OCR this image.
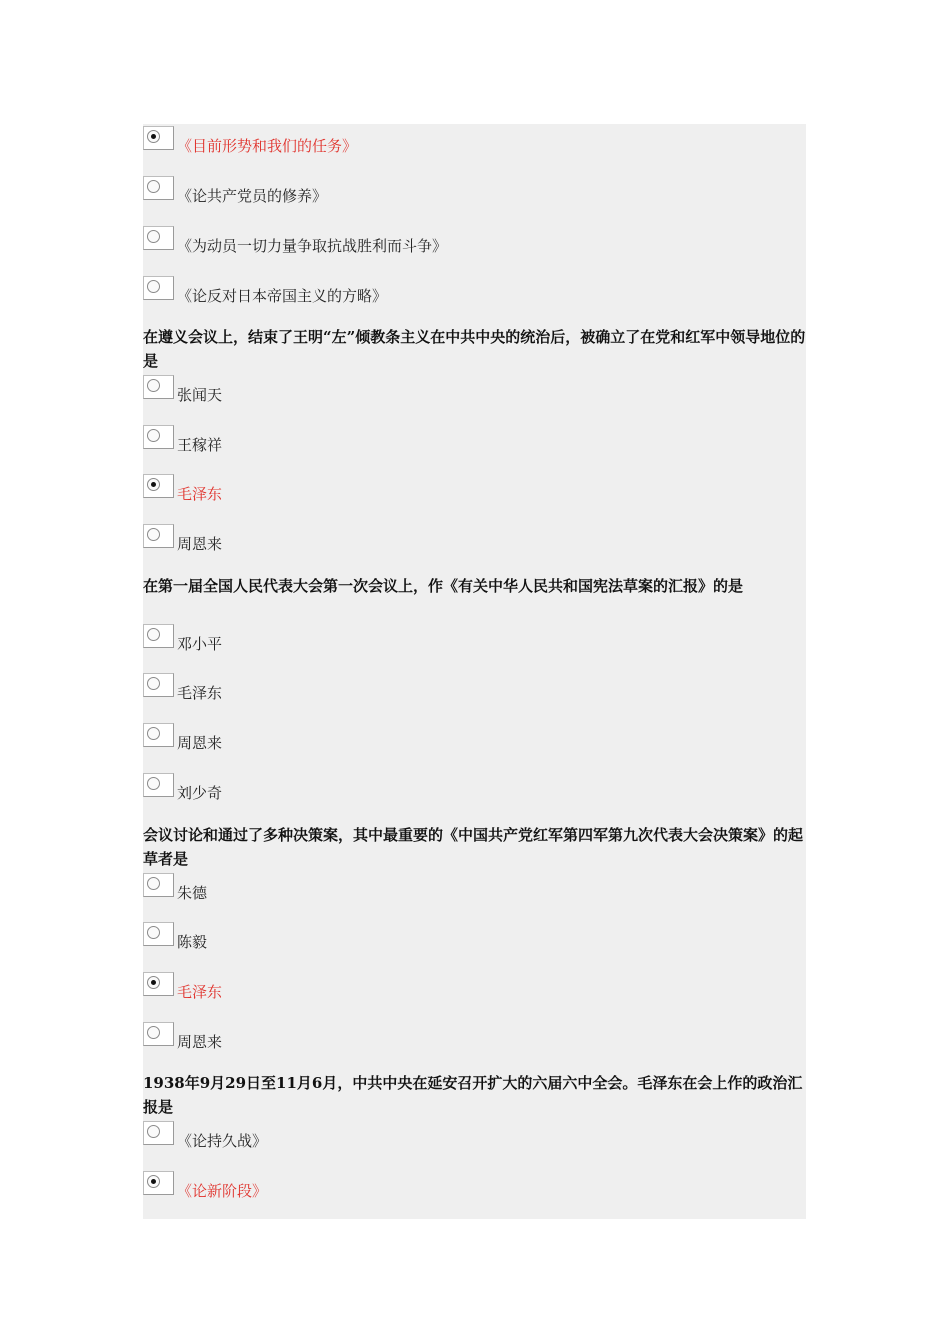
《目前形势和我们的任务》
《论共产党员的修养》
《为动员一切力量争取抗战胜利而斗争》
《论反对日本帝国主义的方略》
在遵义会议上，结束了王明“左”倾教条主义在中共中央的统治后，被确立了在党和红军中领导地位的是
张闻天
王稼祥
毛泽东
周恩来
在第一届全国人民代表大会第一次会议上，作《有关中华人民共和国宪法草案的汇报》的是
邓小平
毛泽东
周恩来
刘少奇
会议讨论和通过了多种决策案，其中最重要的《中国共产党红军第四军第九次代表大会决策案》的起草者是
朱德
陈毅
毛泽东
周恩来
1938年9月29日至11月6月，中共中央在延安召开扩大的六届六中全会。毛泽东在会上作的政治汇报是
《论持久战》
《论新阶段》
